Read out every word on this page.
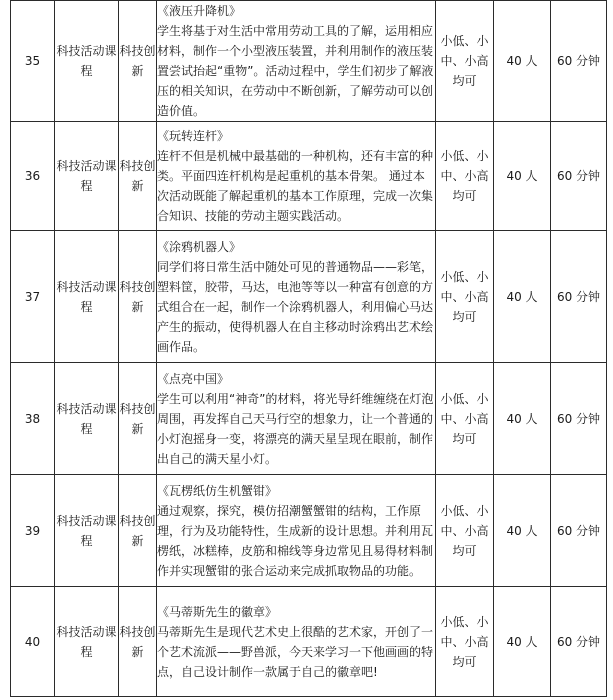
35	科技活动课程	科技创新	《液压升降机》
学生将基于对生活中常用劳动工具的了解，运用相应材料，制作一个小型液压装置，并利用制作的液压装置尝试抬起“重物”。活动过程中，学生们初步了解液压的相关知识，在劳动中不断创新，了解劳动可以创造价值。	小低、小中、小高均可	40 人	60 分钟
36	科技活动课程	科技创新	《玩转连杆》
连杆不但是机械中最基础的一种机构，还有丰富的种类。平面四连杆机构是起重机的基本骨架。 通过本次活动既能了解起重机的基本工作原理，完成一次集合知识、技能的劳动主题实践活动。	小低、小中、小高均可	40 人	60 分钟
37	科技活动课程	科技创新	《涂鸦机器人》
同学们将日常生活中随处可见的普通物品——彩笔，塑料筐，胶带，马达，电池等等以一种富有创意的方式组合在一起，制作一个涂鸦机器人，利用偏心马达产生的振动，使得机器人在自主移动时涂鸦出艺术绘画作品。	小低、小中、小高均可	40 人	60 分钟
38	科技活动课程	科技创新	《点亮中国》
学生可以利用“神奇”的材料，将光导纤维缠绕在灯泡周围，再发挥自己天马行空的想象力，让一个普通的小灯泡摇身一变，将漂亮的满天星呈现在眼前，制作出自己的满天星小灯。	小低、小中、小高均可	40 人	60 分钟
39	科技活动课程	科技创新	《瓦楞纸仿生机蟹钳》
通过观察，探究，模仿招潮蟹蟹钳的结构，工作原理，行为及功能特性，生成新的设计思想。并利用瓦楞纸，冰糕棒，皮筋和棉线等身边常见且易得材料制作并实现蟹钳的张合运动来完成抓取物品的功能。	小低、小中、小高均可	40 人	60 分钟
40	科技活动课程	科技创新	《马蒂斯先生的徽章》
马蒂斯先生是现代艺术史上很酷的艺术家，开创了一个艺术流派——野兽派，今天来学习一下他画画的特点，自己设计制作一款属于自己的徽章吧!	小低、小中、小高均可	40 人	60 分钟
